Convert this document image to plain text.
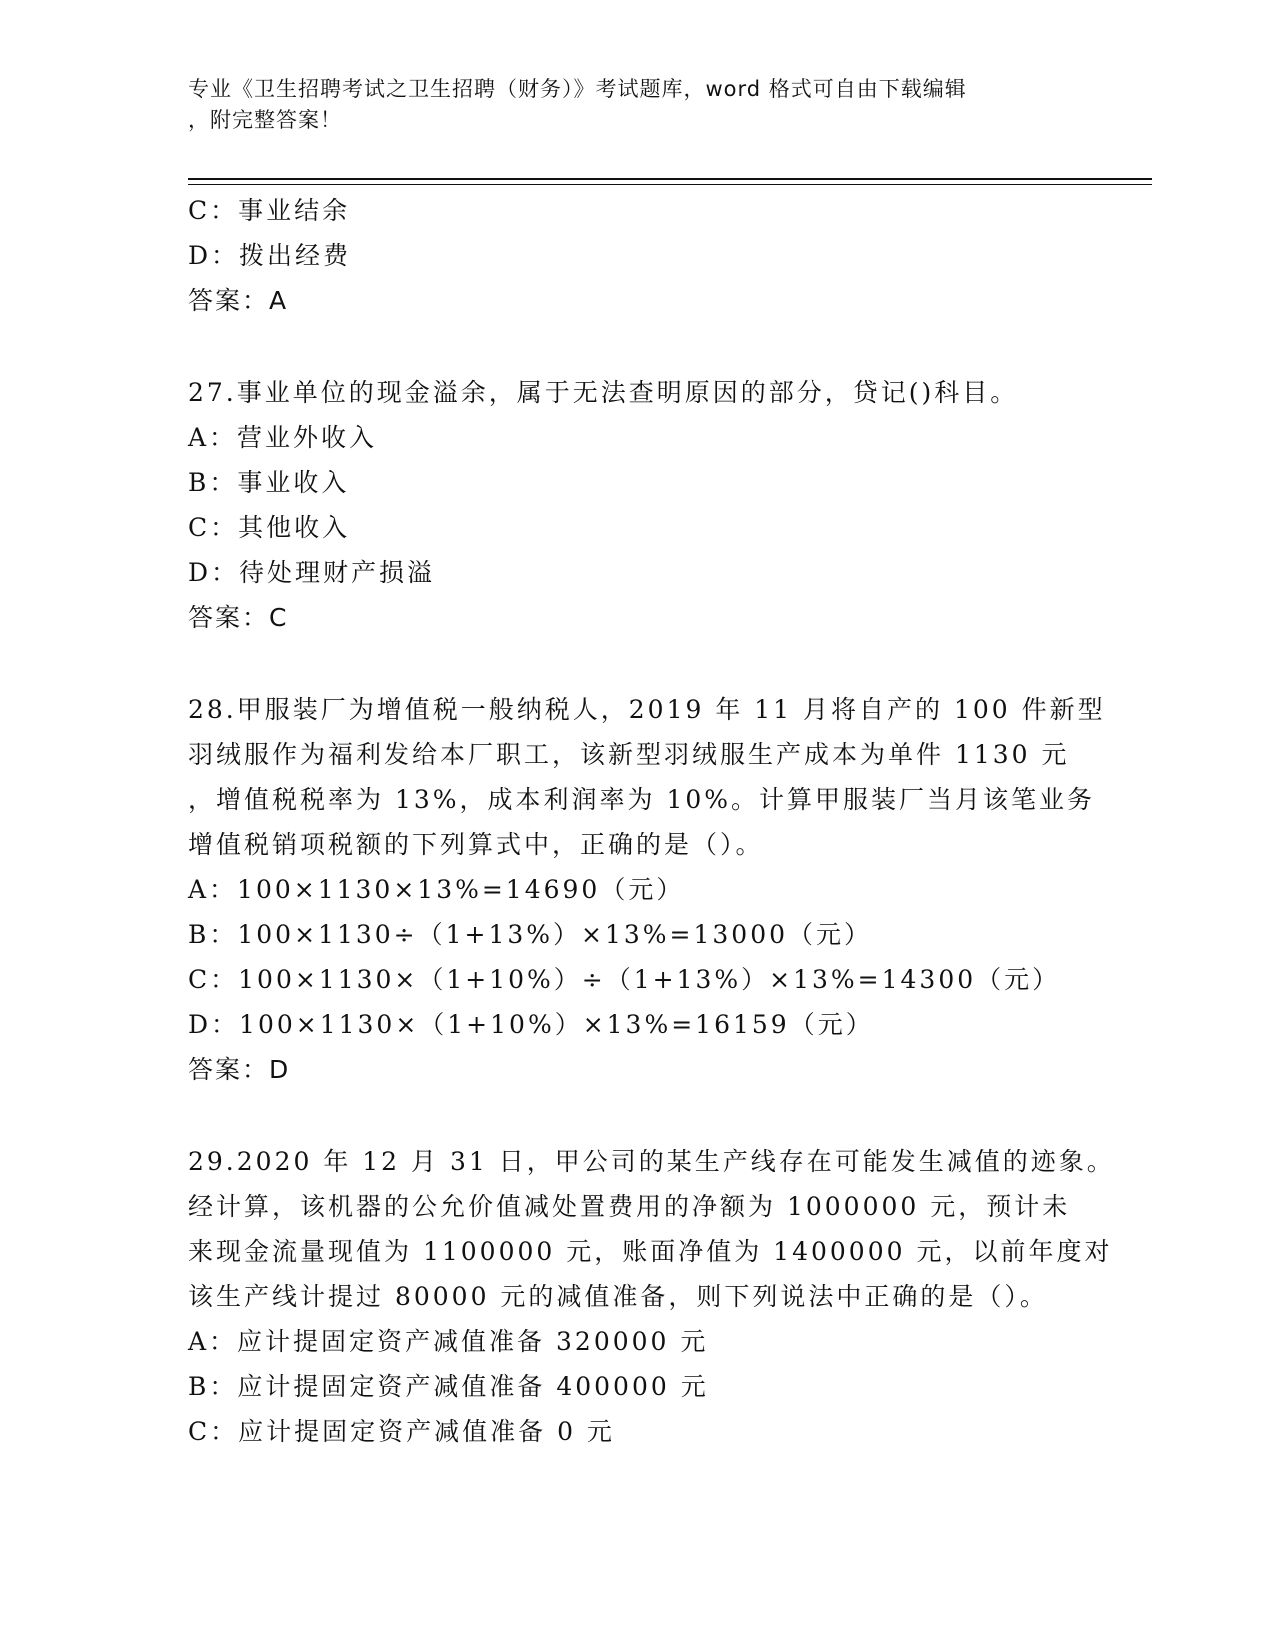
专业《卫生招聘考试之卫生招聘（财务）》考试题库，word 格式可自由下载编辑
，附完整答案！
C：事业结余
D：拨出经费
答案：A
27.事业单位的现金溢余，属于无法查明原因的部分，贷记()科目。
A：营业外收入
B：事业收入
C：其他收入
D：待处理财产损溢
答案：C
28.甲服装厂为增值税一般纳税人，2019 年 11 月将自产的 100 件新型
羽绒服作为福利发给本厂职工，该新型羽绒服生产成本为单件 1130 元
，增值税税率为 13%，成本利润率为 10%。计算甲服装厂当月该笔业务
增值税销项税额的下列算式中，正确的是（）。
A：100×1130×13%=14690（元）
B：100×1130÷（1+13%）×13%=13000（元）
C：100×1130×（1+10%）÷（1+13%）×13%=14300（元）
D：100×1130×（1+10%）×13%=16159（元）
答案：D
29.2020 年 12 月 31 日，甲公司的某生产线存在可能发生减值的迹象。
经计算，该机器的公允价值减处置费用的净额为 1000000 元，预计未
来现金流量现值为 1100000 元，账面净值为 1400000 元，以前年度对
该生产线计提过 80000 元的减值准备，则下列说法中正确的是（）。
A：应计提固定资产减值准备 320000 元
B：应计提固定资产减值准备 400000 元
C：应计提固定资产减值准备 0 元
